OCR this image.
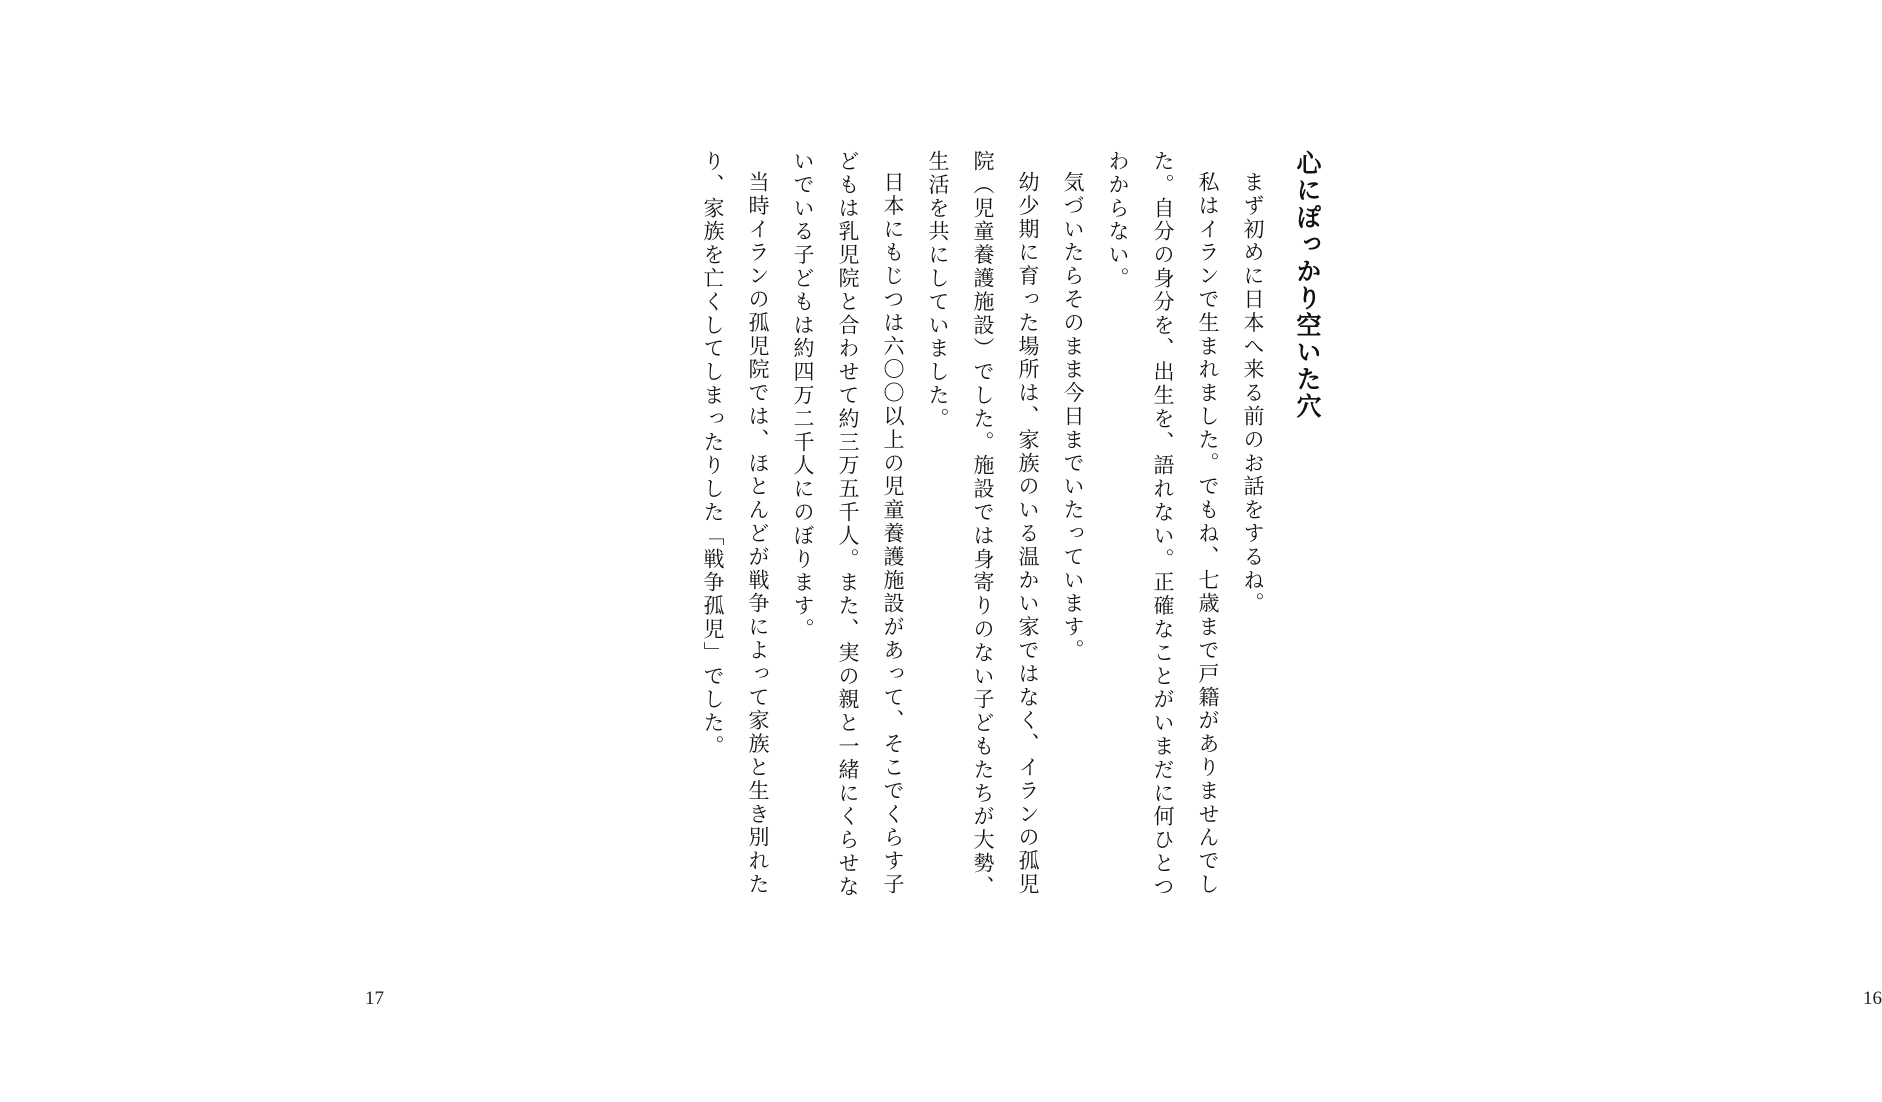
17

心にぽっかり空いた穴

まず初めに日本へ来る前のお話をするね。

私はイランで生まれました。でもね、七歳まで戸籍がありませんでした。自分の身分を、出生を、語れない。正確なことがいまだに何ひとつわからない。

気づいたらそのまま今日までいたっています。

幼少期に育った場所は、家族のいる温かい家ではなく、イランの孤児院（児童養護施設）でした。施設では身寄りのない子どもたちが大勢、生活を共にしていました。

日本にもじつは六〇〇以上の児童養護施設があって、そこでくらす子どもは乳児院と合わせて約三万五千人。また、実の親と一緒にくらせないでいる子どもは約四万二千人にのぼります。

当時イランの孤児院では、ほとんどが戦争によって家族と生き別れたり、家族を亡くしてしまったりした「戦争孤児」でした。

16
